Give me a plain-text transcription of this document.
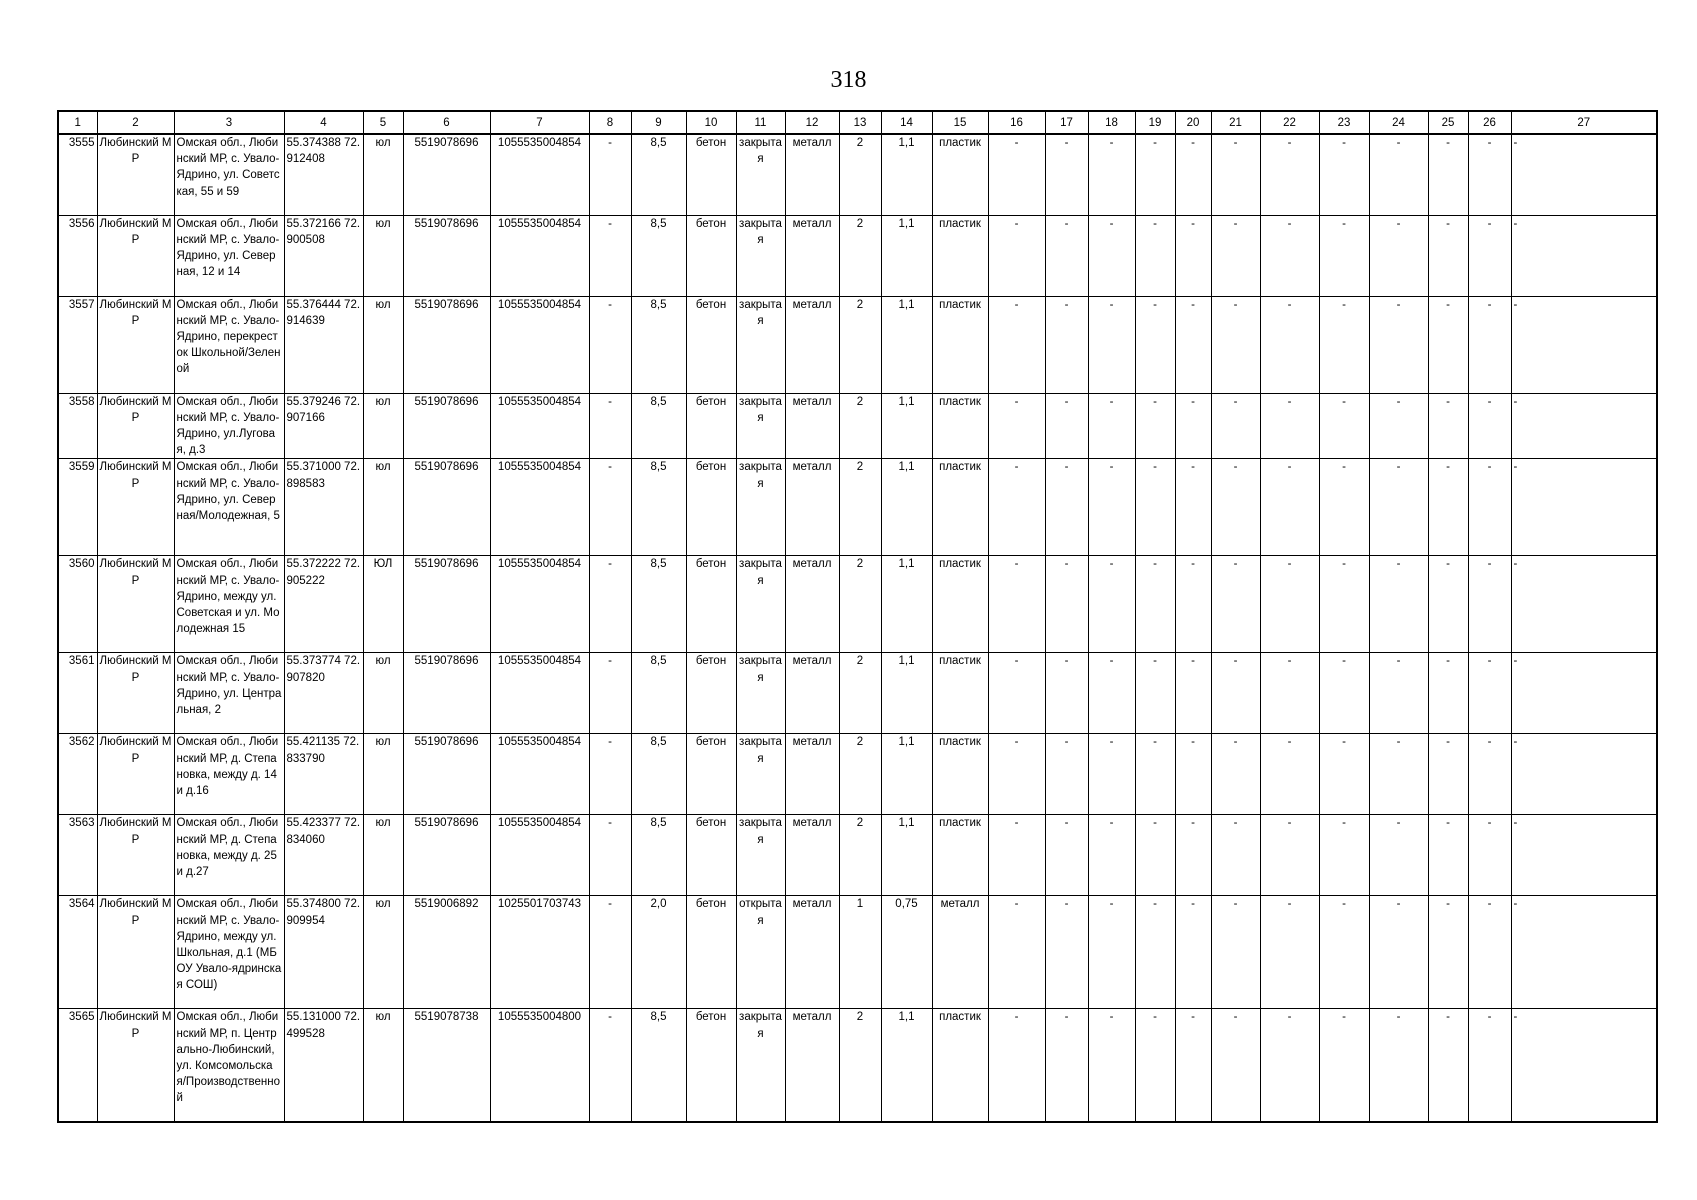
318
1	2	3	4	5	6	7	8	9	10	11	12	13	14	15	16	17	18	19	20	21	22	23	24	25	26	27
3555	Любинский МР	Омская обл., Любинский МР, с. Увало-Ядрино, ул. Советская, 55 и 59	55.374388 72.912408	юл	5519078696	1055535004854	-	8,5	бетон	закрытая	металл	2	1,1	пластик	-	-	-	-	-	-	-	-	-	-	-	-
3556	Любинский МР	Омская обл., Любинский МР, с. Увало-Ядрино, ул. Северная, 12 и 14	55.372166 72.900508	юл	5519078696	1055535004854	-	8,5	бетон	закрытая	металл	2	1,1	пластик	-	-	-	-	-	-	-	-	-	-	-	-
3557	Любинский МР	Омская обл., Любинский МР, с. Увало-Ядрино, перекресток Школьной/Зеленой	55.376444 72.914639	юл	5519078696	1055535004854	-	8,5	бетон	закрытая	металл	2	1,1	пластик	-	-	-	-	-	-	-	-	-	-	-	-
3558	Любинский МР	Омская обл., Любинский МР, с. Увало-Ядрино, ул.Луговая, д.3	55.379246 72.907166	юл	5519078696	1055535004854	-	8,5	бетон	закрытая	металл	2	1,1	пластик	-	-	-	-	-	-	-	-	-	-	-	-
3559	Любинский МР	Омская обл., Любинский МР, с. Увало-Ядрино, ул. Северная/Молодежная, 5	55.371000 72.898583	юл	5519078696	1055535004854	-	8,5	бетон	закрытая	металл	2	1,1	пластик	-	-	-	-	-	-	-	-	-	-	-	-
3560	Любинский МР	Омская обл., Любинский МР, с. Увало-Ядрино, между ул. Советская и ул. Молодежная 15	55.372222 72.905222	ЮЛ	5519078696	1055535004854	-	8,5	бетон	закрытая	металл	2	1,1	пластик	-	-	-	-	-	-	-	-	-	-	-	-
3561	Любинский МР	Омская обл., Любинский МР, с. Увало-Ядрино, ул. Центральная, 2	55.373774 72.907820	юл	5519078696	1055535004854	-	8,5	бетон	закрытая	металл	2	1,1	пластик	-	-	-	-	-	-	-	-	-	-	-	-
3562	Любинский МР	Омская обл., Любинский МР, д. Степановка, между д. 14и д.16	55.421135 72.833790	юл	5519078696	1055535004854	-	8,5	бетон	закрытая	металл	2	1,1	пластик	-	-	-	-	-	-	-	-	-	-	-	-
3563	Любинский МР	Омская обл., Любинский МР, д. Степановка, между д. 25 и д.27	55.423377 72.834060	юл	5519078696	1055535004854	-	8,5	бетон	закрытая	металл	2	1,1	пластик	-	-	-	-	-	-	-	-	-	-	-	-
3564	Любинский МР	Омская обл., Любинский МР, с. Увало-Ядрино, между ул. Школьная, д.1 (МБОУ Увало-ядринская СОШ)	55.374800 72.909954	юл	5519006892	1025501703743	-	2,0	бетон	открытая	металл	1	0,75	металл	-	-	-	-	-	-	-	-	-	-	-	-
3565	Любинский МР	Омская обл., Любинский МР, п. Центрально-Любинский, ул. Комсомольская/Производственной	55.131000 72.499528	юл	5519078738	1055535004800	-	8,5	бетон	закрытая	металл	2	1,1	пластик	-	-	-	-	-	-	-	-	-	-	-	-
